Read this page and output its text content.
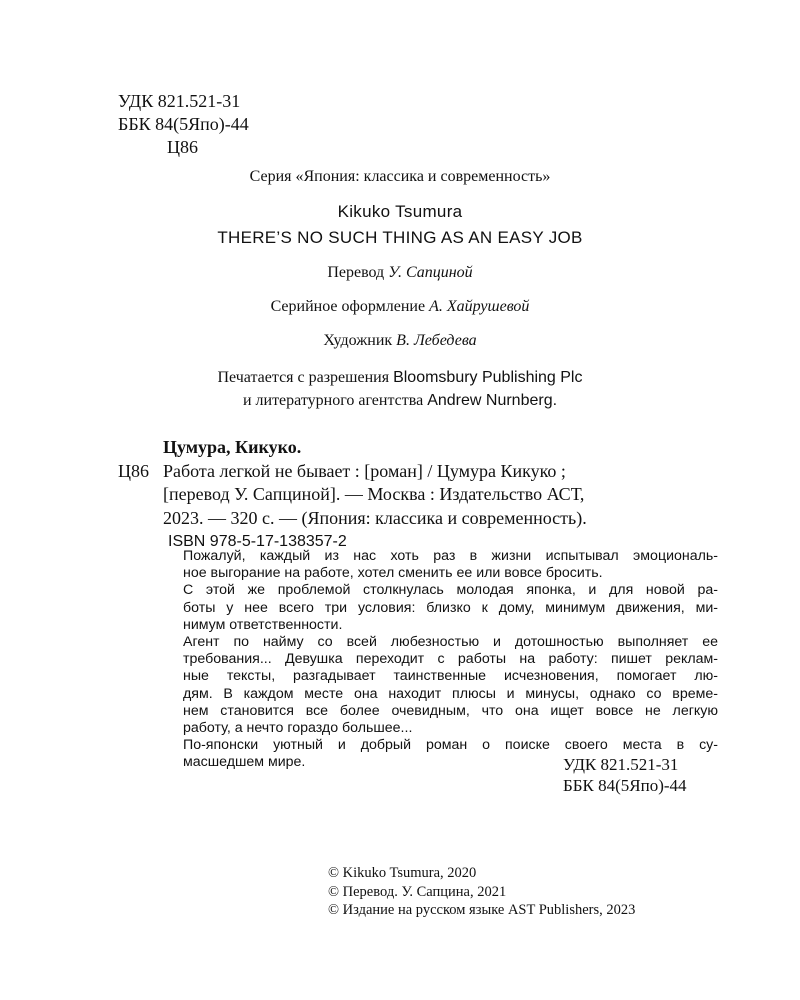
УДК 821.521-31
ББК 84(5Япо)-44
Ц86
Серия «Япония: классика и современность»
Kikuko Tsumura
THERE’S NO SUCH THING AS AN EASY JOB
Перевод У. Сапциной
Серийное оформление А. Хайрушевой
Художник В. Лебедева
Печатается с разрешения Bloomsbury Publishing Plc
и литературного агентства Andrew Nurnberg.
Цумура, Кикуко.
Ц86 Работа легкой не бывает : [роман] / Цумура Кикуко ;
[перевод У. Сапциной]. — Москва : Издательство АСТ,
2023. — 320 с. — (Япония: классика и современность).
ISBN 978-5-17-138357-2

Пожалуй, каждый из нас хоть раз в жизни испытывал эмоциональ-
ное выгорание на работе, хотел сменить ее или вовсе бросить.

С этой же проблемой столкнулась молодая японка, и для новой ра-
боты у нее всего три условия: близко к дому, минимум движения, ми-
нимум ответственности.

Агент по найму со всей любезностью и дотошностью выполняет ее
требования... Девушка переходит с работы на работу: пишет реклам-
ные тексты, разгадывает таинственные исчезновения, помогает лю-
дям. В каждом месте она находит плюсы и минусы, однако со време-
нем становится все более очевидным, что она ищет вовсе не легкую
работу, а нечто гораздо большее...

По-японски уютный и добрый роман о поиске своего места в су-
масшедшем мире.	УДК 821.521-31
ББК 84(5Япо)-44
© Kikuko Tsumura, 2020
© Перевод. У. Сапцина, 2021
© Издание на русском языке AST Publishers, 2023
